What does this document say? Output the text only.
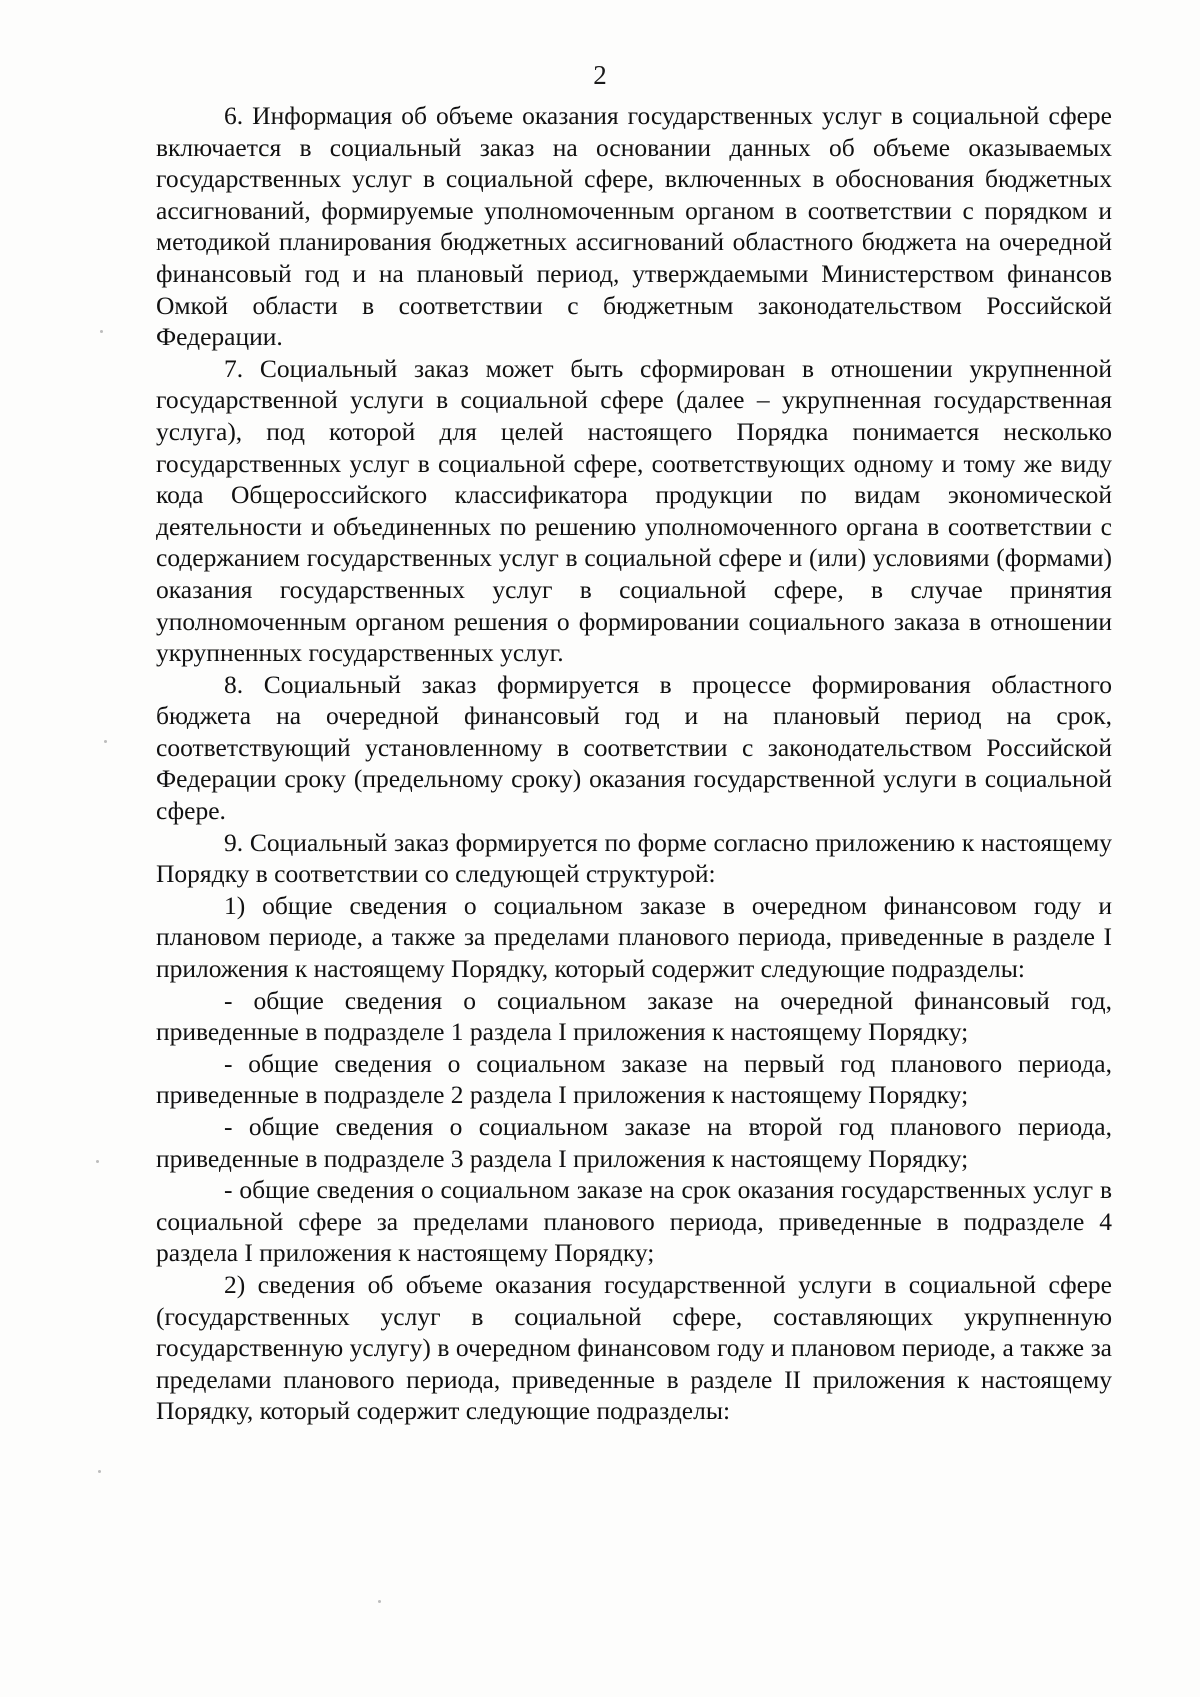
2

6. Информация об объеме оказания государственных услуг в социальной сфере включается в социальный заказ на основании данных об объеме оказываемых государственных услуг в социальной сфере, включенных в обоснования бюджетных ассигнований, формируемые уполномоченным органом в соответствии с порядком и методикой планирования бюджетных ассигнований областного бюджета на очередной финансовый год и на плановый период, утверждаемыми Министерством финансов Омкой области в соответствии с бюджетным законодательством Российской Федерации.

7. Социальный заказ может быть сформирован в отношении укрупненной государственной услуги в социальной сфере (далее – укрупненная государственная услуга), под которой для целей настоящего Порядка понимается несколько государственных услуг в социальной сфере, соответствующих одному и тому же виду кода Общероссийского классификатора продукции по видам экономической деятельности и объединенных по решению уполномоченного органа в соответствии с содержанием государственных услуг в социальной сфере и (или) условиями (формами) оказания государственных услуг в социальной сфере, в случае принятия уполномоченным органом решения о формировании социального заказа в отношении укрупненных государственных услуг.

8. Социальный заказ формируется в процессе формирования областного бюджета на очередной финансовый год и на плановый период на срок, соответствующий установленному в соответствии с законодательством Российской Федерации сроку (предельному сроку) оказания государственной услуги в социальной сфере.

9. Социальный заказ формируется по форме согласно приложению к настоящему Порядку в соответствии со следующей структурой:

1) общие сведения о социальном заказе в очередном финансовом году и плановом периоде, а также за пределами планового периода, приведенные в разделе I приложения к настоящему Порядку, который содержит следующие подразделы:

- общие сведения о социальном заказе на очередной финансовый год, приведенные в подразделе 1 раздела I приложения к настоящему Порядку;

- общие сведения о социальном заказе на первый год планового периода, приведенные в подразделе 2 раздела I приложения к настоящему Порядку;

- общие сведения о социальном заказе на второй год планового периода, приведенные в подразделе 3 раздела I приложения к настоящему Порядку;

- общие сведения о социальном заказе на срок оказания государственных услуг в социальной сфере за пределами планового периода, приведенные в подразделе 4 раздела I приложения к настоящему Порядку;

2) сведения об объеме оказания государственной услуги в социальной сфере (государственных услуг в социальной сфере, составляющих укрупненную государственную услугу) в очередном финансовом году и плановом периоде, а также за пределами планового периода, приведенные в разделе II приложения к настоящему Порядку, который содержит следующие подразделы:
